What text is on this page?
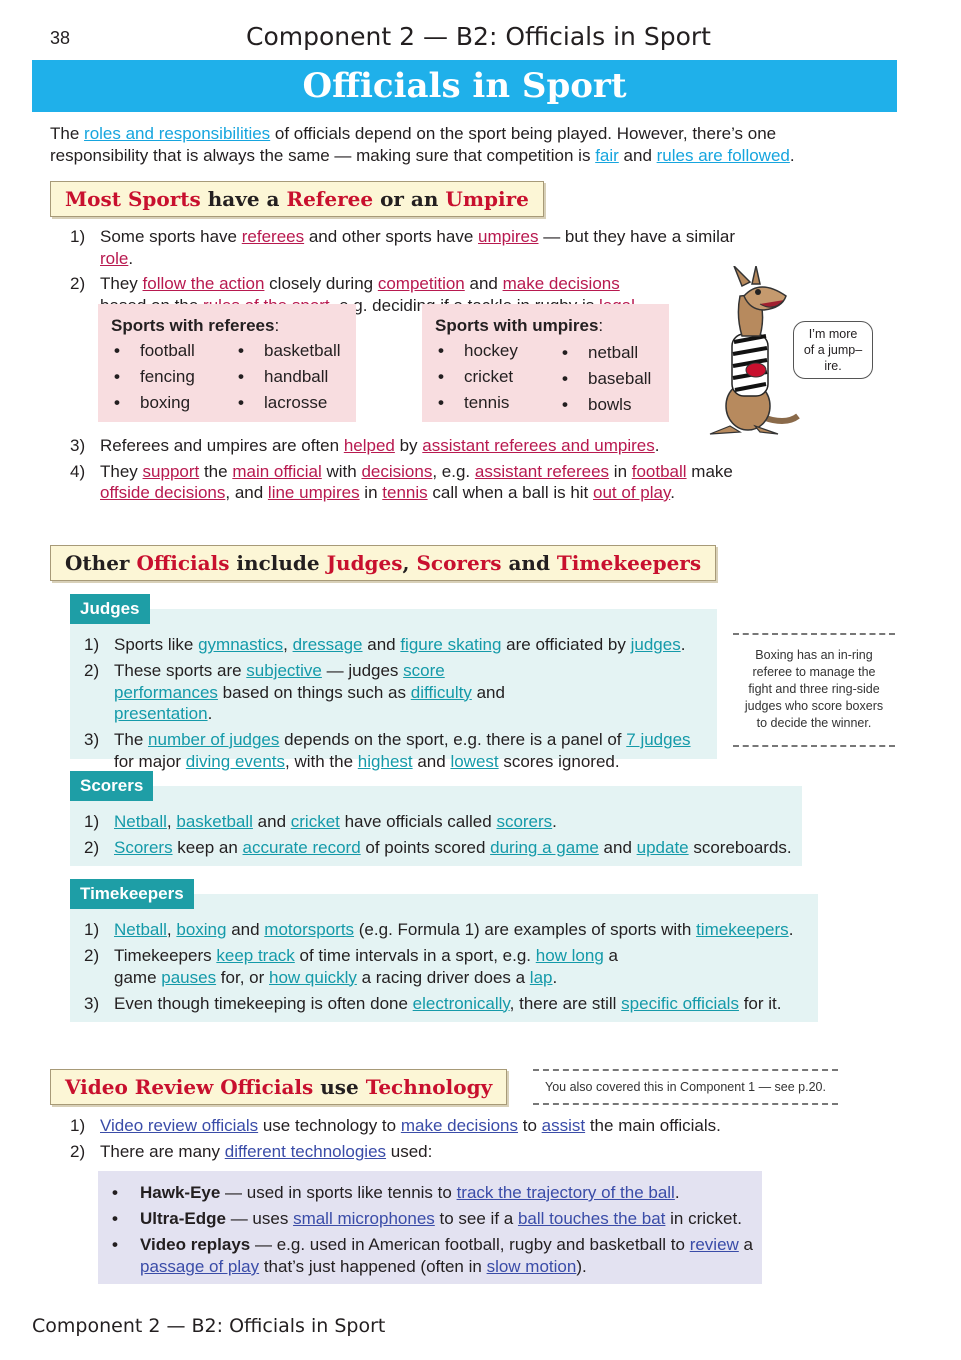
38	Component 2 — B2: Officials in Sport
Officials in Sport
The roles and responsibilities of officials depend on the sport being played. However, there’s one responsibility that is always the same — making sure that competition is fair and rules are followed.
Most Sports have a Referee or an Umpire
1) Some sports have referees and other sports have umpires — but they have a similar role.
2) They follow the action closely during competition and make decisions deciding
Sports with referees:
• football
• fencing
• boxing
• basketball
• handball
• lacrosse
Sports with umpires:
• hockey
• cricket
• tennis
• netball
• baseball
• bowls
I’m more of a jump–ire.
3) Referees and umpires are often helped by assistant referees and umpires.
4) They support the main official with decisions, e.g. assistant referees in football make offside decisions, and line umpires in tennis call when a ball is hit out of play.
Other Officials include Judges, Scorers and Timekeepers
1) Sports like gymnastics, dressage and figure skating are officiated by judges.
2) These sports are subjective — judges score performances based on things such as difficulty and presentation.
3) The number of judges depends on the sport, e.g. there is a panel of 7 judges for major diving events, with the highest and lowest scores ignored.
Judges
Boxing has an in-ring referee to manage the fight and three ring-side judges who score boxers to decide the winner.
1) Netball, basketball and cricket have officials called scorers.
2) Scorers keep an accurate record of points scored during a game and update scoreboards.
Scorers
1) Netball, boxing and motorsports (e.g. Formula 1) are examples of sports with timekeepers.
2) Timekeepers keep track of time intervals in a sport, e.g. how long a game pauses for, or how quickly a racing driver does a lap.
3) Even though timekeeping is often done electronically, there are still specific officials for it.
Timekeepers
Video Review Officials use Technology	You also covered this in Component 1 — see p.20.
1) Video review officials use technology to make decisions to assist the main officials.
2) There are many different technologies used:
• Hawk-Eye — used in sports like tennis to track the trajectory of the ball.
• Ultra-Edge — uses small microphones to see if a ball touches the bat in cricket.
• Video replays — e.g. used in American football, rugby and basketball to review a passage of play that’s just happened (often in slow motion).
Component 2 — B2: Officials in Sport
